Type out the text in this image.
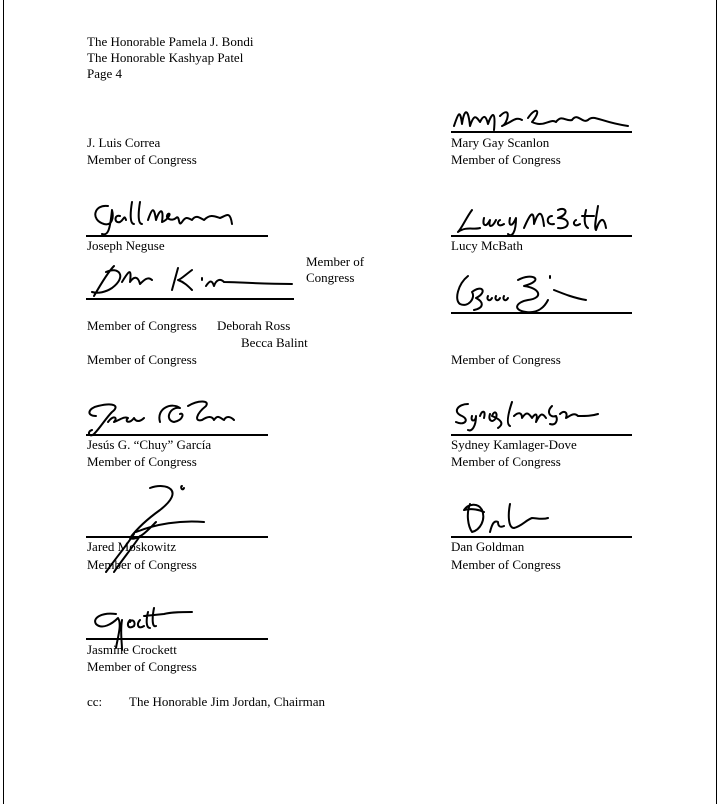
The Honorable Pamela J. Bondi
The Honorable Kashyap Patel
Page 4
Mary Gay Scanlon
Member of Congress
J. Luis Correa
Member of Congress
Joseph Neguse	Lucy McBath
Member of
Congress
Member of Congress Deborah Ross
Becca Balint
Member of Congress	Member of Congress
Jesús G. “Chuy” García
Member of Congress
Sydney Kamlager-Dove
Member of Congress
Jared Moskowitz
Member of Congress
Dan Goldman
Member of Congress
Jasmine Crockett
Member of Congress
cc: The Honorable Jim Jordan, Chairman
